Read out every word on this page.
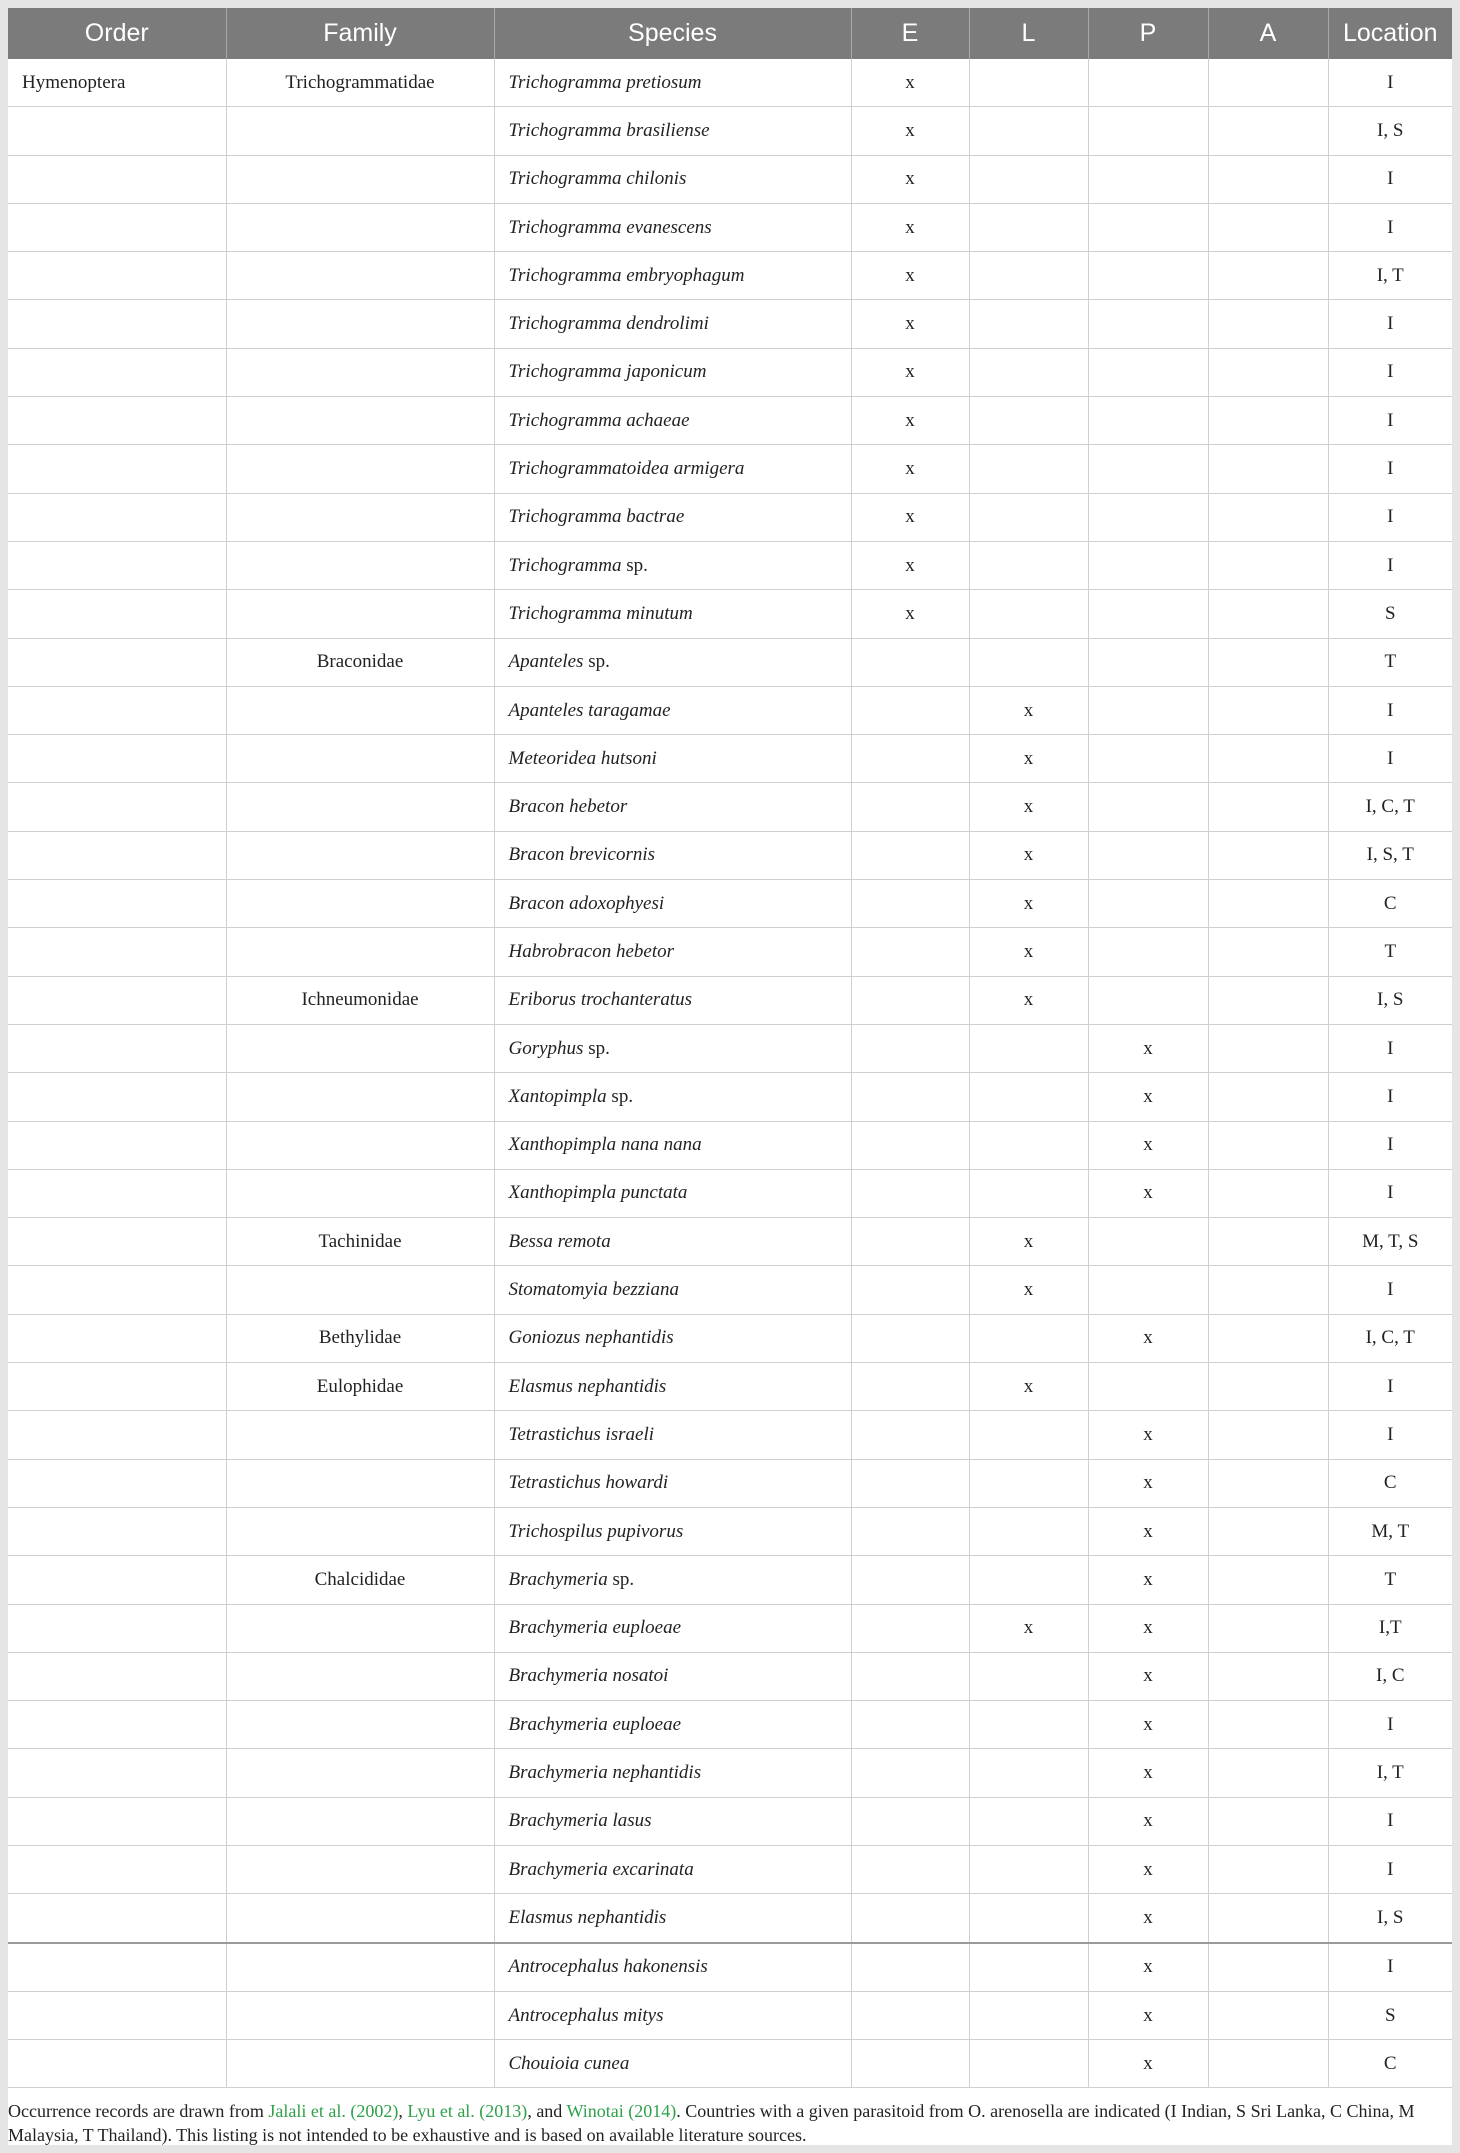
Order	Family	Species	E	L	P	A	Location
Hymenoptera	Trichogrammatidae	Trichogramma pretiosum	x				I
		Trichogramma brasiliense	x				I, S
		Trichogramma chilonis	x				I
		Trichogramma evanescens	x				I
		Trichogramma embryophagum	x				I, T
		Trichogramma dendrolimi	x				I
		Trichogramma japonicum	x				I
		Trichogramma achaeae	x				I
		Trichogrammatoidea armigera	x				I
		Trichogramma bactrae	x				I
		Trichogramma sp.	x				I
		Trichogramma minutum	x				S
	Braconidae	Apanteles sp.					T
		Apanteles taragamae		x			I
		Meteoridea hutsoni		x			I
		Bracon hebetor		x			I, C, T
		Bracon brevicornis		x			I, S, T
		Bracon adoxophyesi		x			C
		Habrobracon hebetor		x			T
	Ichneumonidae	Eriborus trochanteratus		x			I, S
		Goryphus sp.			x		I
		Xantopimpla sp.			x		I
		Xanthopimpla nana nana			x		I
		Xanthopimpla punctata			x		I
	Tachinidae	Bessa remota		x			M, T, S
		Stomatomyia bezziana		x			I
	Bethylidae	Goniozus nephantidis			x		I, C, T
	Eulophidae	Elasmus nephantidis		x			I
		Tetrastichus israeli			x		I
		Tetrastichus howardi			x		C
		Trichospilus pupivorus			x		M, T
	Chalcididae	Brachymeria sp.			x		T
		Brachymeria euploeae		x	x		I,T
		Brachymeria nosatoi			x		I, C
		Brachymeria euploeae			x		I
		Brachymeria nephantidis			x		I, T
		Brachymeria lasus			x		I
		Brachymeria excarinata			x		I
		Elasmus nephantidis			x		I, S
		Antrocephalus hakonensis			x		I
		Antrocephalus mitys			x		S
		Chouioia cunea			x		C
Occurrence records are drawn from Jalali et al. (2002), Lyu et al. (2013), and Winotai (2014). Countries with a given parasitoid from O. arenosella are indicated (I Indian, S Sri Lanka, C China, M Malaysia, T Thailand). This listing is not intended to be exhaustive and is based on available literature sources.
